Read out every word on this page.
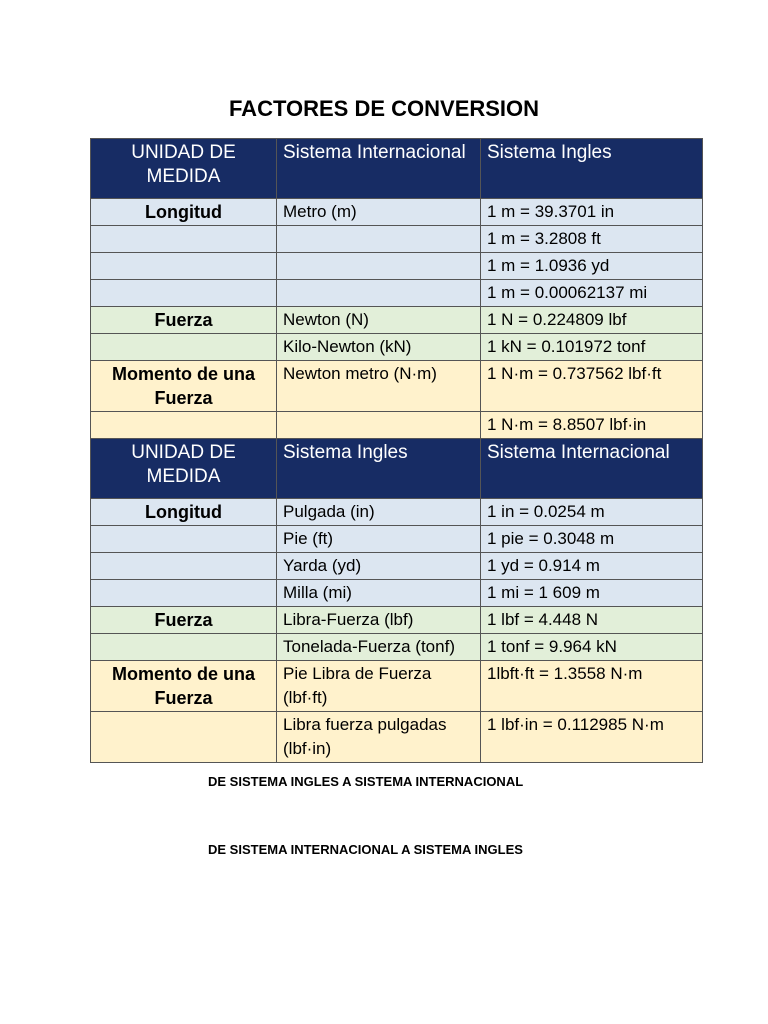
FACTORES DE CONVERSION
UNIDAD DE MEDIDA	Sistema Internacional	Sistema Ingles
Longitud	Metro (m)	1 m = 39.3701 in
		1 m = 3.2808 ft
		1 m = 1.0936 yd
		1 m = 0.00062137 mi
Fuerza	Newton (N)	1 N = 0.224809 lbf
	Kilo-Newton (kN)	1 kN = 0.101972 tonf
Momento de una Fuerza	Newton metro (N·m)	1 N·m = 0.737562 lbf·ft
		1 N·m = 8.8507 lbf·in
UNIDAD DE MEDIDA	Sistema Ingles	Sistema Internacional
Longitud	Pulgada (in)	1 in = 0.0254 m
	Pie (ft)	1 pie = 0.3048 m
	Yarda (yd)	1 yd = 0.914 m
	Milla (mi)	1 mi = 1 609 m
Fuerza	Libra-Fuerza (lbf)	1 lbf = 4.448 N
	Tonelada-Fuerza (tonf)	1 tonf = 9.964 kN
Momento de una Fuerza	Pie Libra de Fuerza (lbf·ft)	1lbft·ft = 1.3558 N·m
	Libra fuerza pulgadas (lbf·in)	1 lbf·in = 0.112985 N·m
DE SISTEMA INGLES A SISTEMA INTERNACIONAL
DE SISTEMA INTERNACIONAL A SISTEMA INGLES
